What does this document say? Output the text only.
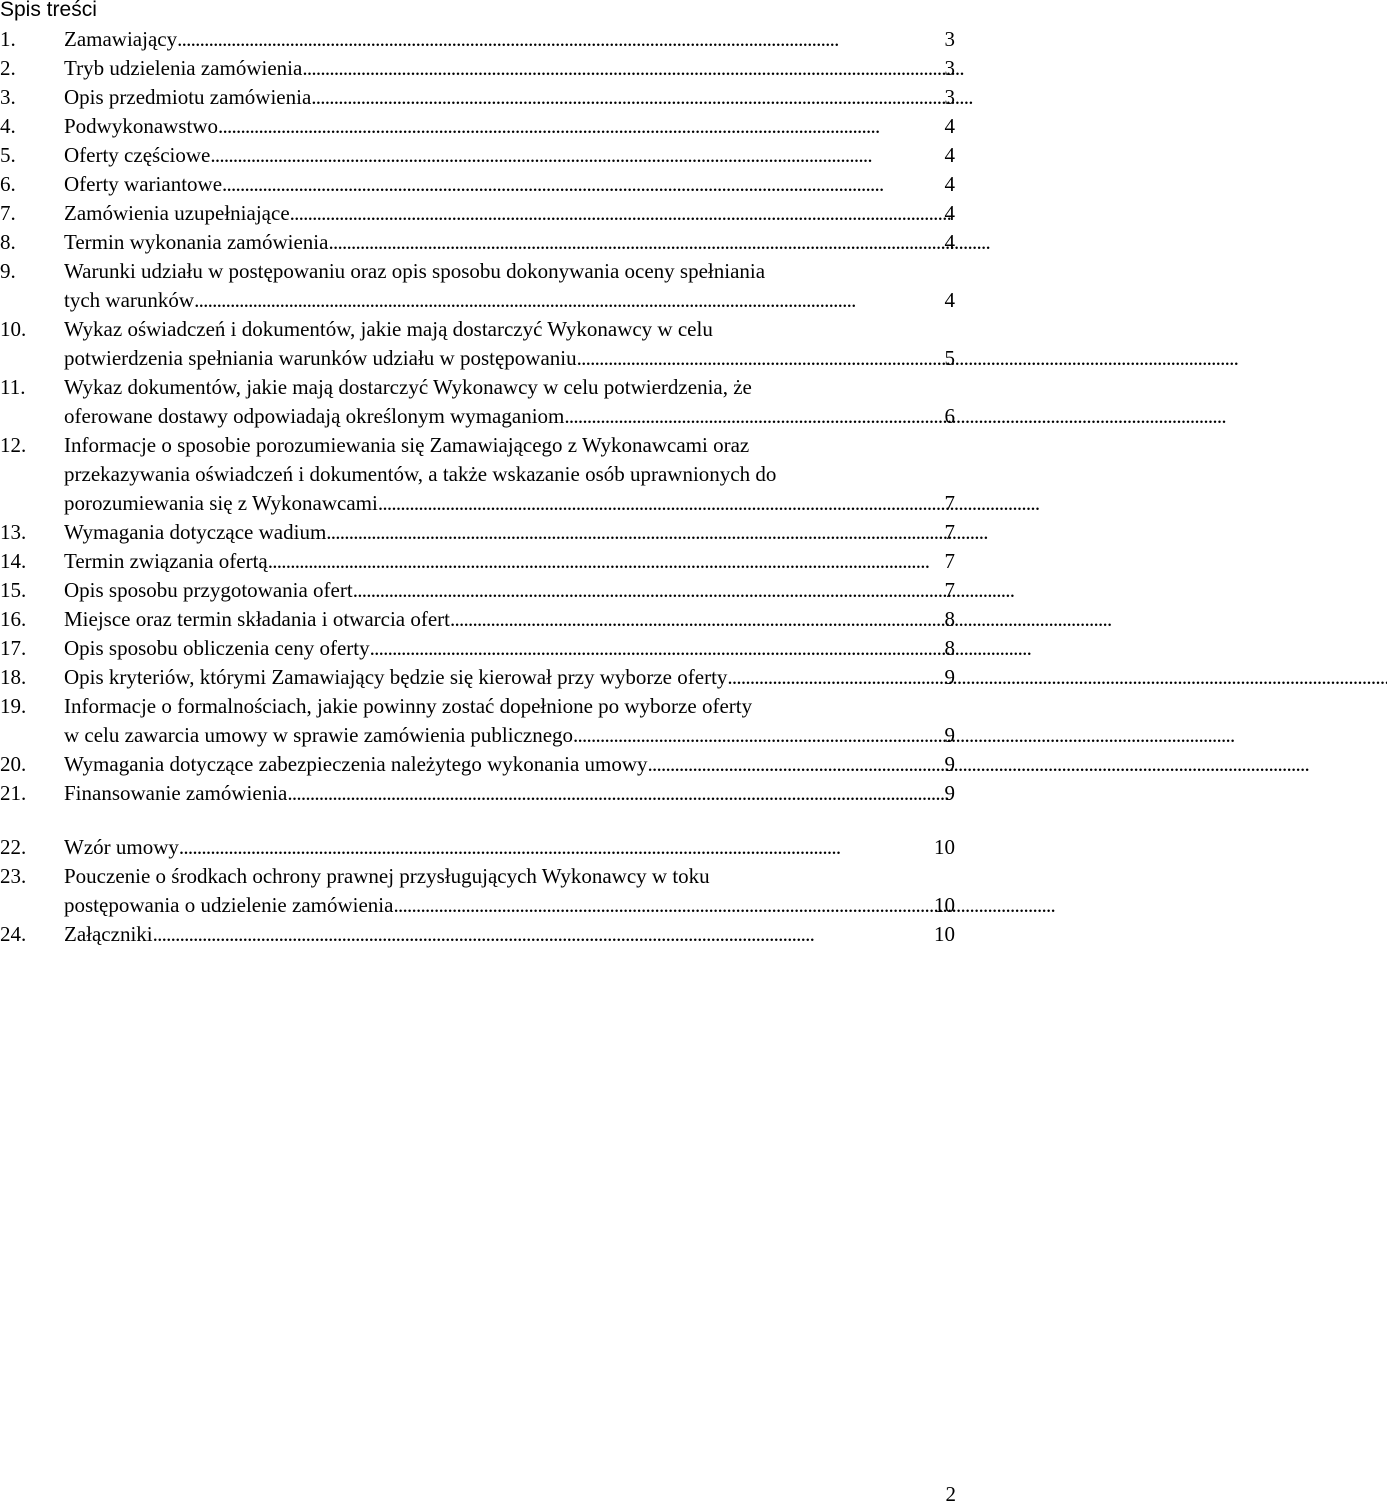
Spis treści
1.	Zamawiający . . .	3
2.	Tryb udzielenia zamówienia . . .	3
3.	Opis przedmiotu zamówienia . . .	3
4.	Podwykonawstwo . . .	4
5.	Oferty częściowe . . .	4
6.	Oferty wariantowe . . .	4
7.	Zamówienia uzupełniające . . .	4
8.	Termin wykonania zamówienia . . .	4
9.	Warunki udziału w postępowaniu oraz opis sposobu dokonywania oceny spełniania
tych warunków . . .	4
10.	Wykaz oświadczeń i dokumentów, jakie mają dostarczyć Wykonawcy w celu
potwierdzenia spełniania warunków udziału w postępowaniu . . .	5
11.	Wykaz dokumentów, jakie mają dostarczyć Wykonawcy w celu potwierdzenia, że
oferowane dostawy odpowiadają określonym wymaganiom . . .	6
12.	Informacje o sposobie porozumiewania się Zamawiającego z Wykonawcami oraz
przekazywania oświadczeń i dokumentów, a także wskazanie osób uprawnionych do
porozumiewania się z Wykonawcami . . .	7
13.	Wymagania dotyczące wadium . . .	7
14.	Termin związania ofertą . . .	7
15.	Opis sposobu przygotowania ofert . . .	7
16.	Miejsce oraz termin składania i otwarcia ofert . . .	8
17.	Opis sposobu obliczenia ceny oferty . . .	8
18.	Opis kryteriów, którymi Zamawiający będzie się kierował przy wyborze oferty . . .	9
19.	Informacje o formalnościach, jakie powinny zostać dopełnione po wyborze oferty
w celu zawarcia umowy w sprawie zamówienia publicznego . . .	9
20.	Wymagania dotyczące zabezpieczenia należytego wykonania umowy . . .	9
21.	Finansowanie zamówienia . . .	9
22.	Wzór umowy . . .	10
23.	Pouczenie o środkach ochrony prawnej przysługujących Wykonawcy w toku
postępowania o udzielenie zamówienia . . .	10
24.	Załączniki . . .	10
2
